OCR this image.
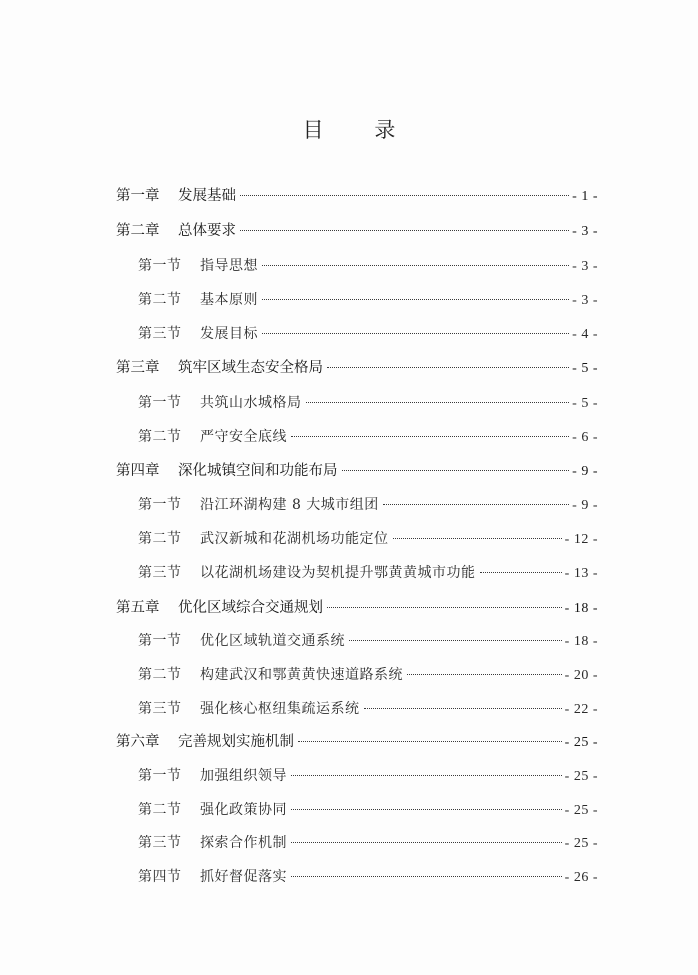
目 录
第一章	发展基础	- 1 -
第二章	总体要求	- 3 -
第一节	指导思想	- 3 -
第二节	基本原则	- 3 -
第三节	发展目标	- 4 -
第三章	筑牢区域生态安全格局	- 5 -
第一节	共筑山水城格局	- 5 -
第二节	严守安全底线	- 6 -
第四章	深化城镇空间和功能布局	- 9 -
第一节	沿江环湖构建 8 大城市组团	- 9 -
第二节	武汉新城和花湖机场功能定位	- 12 -
第三节	以花湖机场建设为契机提升鄂黄黄城市功能	- 13 -
第五章	优化区域综合交通规划	- 18 -
第一节	优化区域轨道交通系统	- 18 -
第二节	构建武汉和鄂黄黄快速道路系统	- 20 -
第三节	强化核心枢纽集疏运系统	- 22 -
第六章	完善规划实施机制	- 25 -
第一节	加强组织领导	- 25 -
第二节	强化政策协同	- 25 -
第三节	探索合作机制	- 25 -
第四节	抓好督促落实	- 26 -
